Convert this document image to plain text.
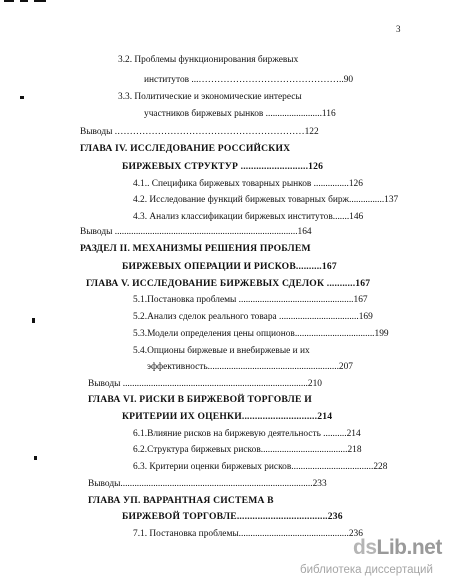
3
3.2. Проблемы функционирования биржевых
институтов ...………………………………………..90
3.3. Политические и экономические интересы
участников биржевых рынков ........................116
Выводы .……………………………………………………122
ГЛАВА IV. ИССЛЕДОВАНИЕ РОССИЙСКИХ
БИРЖЕВЫХ СТРУКТУР ..........................126
4.1.. Специфика биржевых товарных рынков ...............126
4.2. Исследование функций биржевых товарных бирж...............137
4.3. Анализ классификации биржевых институтов.......146
Выводы ..............................................................................164
РАЗДЕЛ II. МЕХАНИЗМЫ РЕШЕНИЯ ПРОБЛЕМ
БИРЖЕВЫХ ОПЕРАЦИИ И РИСКОВ..........167
ГЛАВА V. ИССЛЕДОВАНИЕ БИРЖЕВЫХ СДЕЛОК ...........167
5.1.Постановка проблемы .................................................167
5.2.Анализ сделок реального товара ..................................169
5.3.Модели определения цены опционов..................................199
5.4.Опционы биржевые и внебиржевые и их
эффективность........................................................207
Выводы ...............................................................................210
ГЛАВА VI. РИСКИ В БИРЖЕВОЙ ТОРГОВЛЕ И
КРИТЕРИИ ИХ ОЦЕНКИ.............................214
6.1.Влияние рисков на биржевую деятельность ..........214
6.2.Структура биржевых рисков.....................................218
6.3. Критерии оценки биржевых рисков...................................228
Выводы..................................................................................233
ГЛАВА УП. ВАРРАНТНАЯ СИСТЕМА В
БИРЖЕВОЙ ТОРГОВЛЕ...................................236
7.1. Постановка проблемы...............................................236
dsLib.net
библиотека диссертаций
